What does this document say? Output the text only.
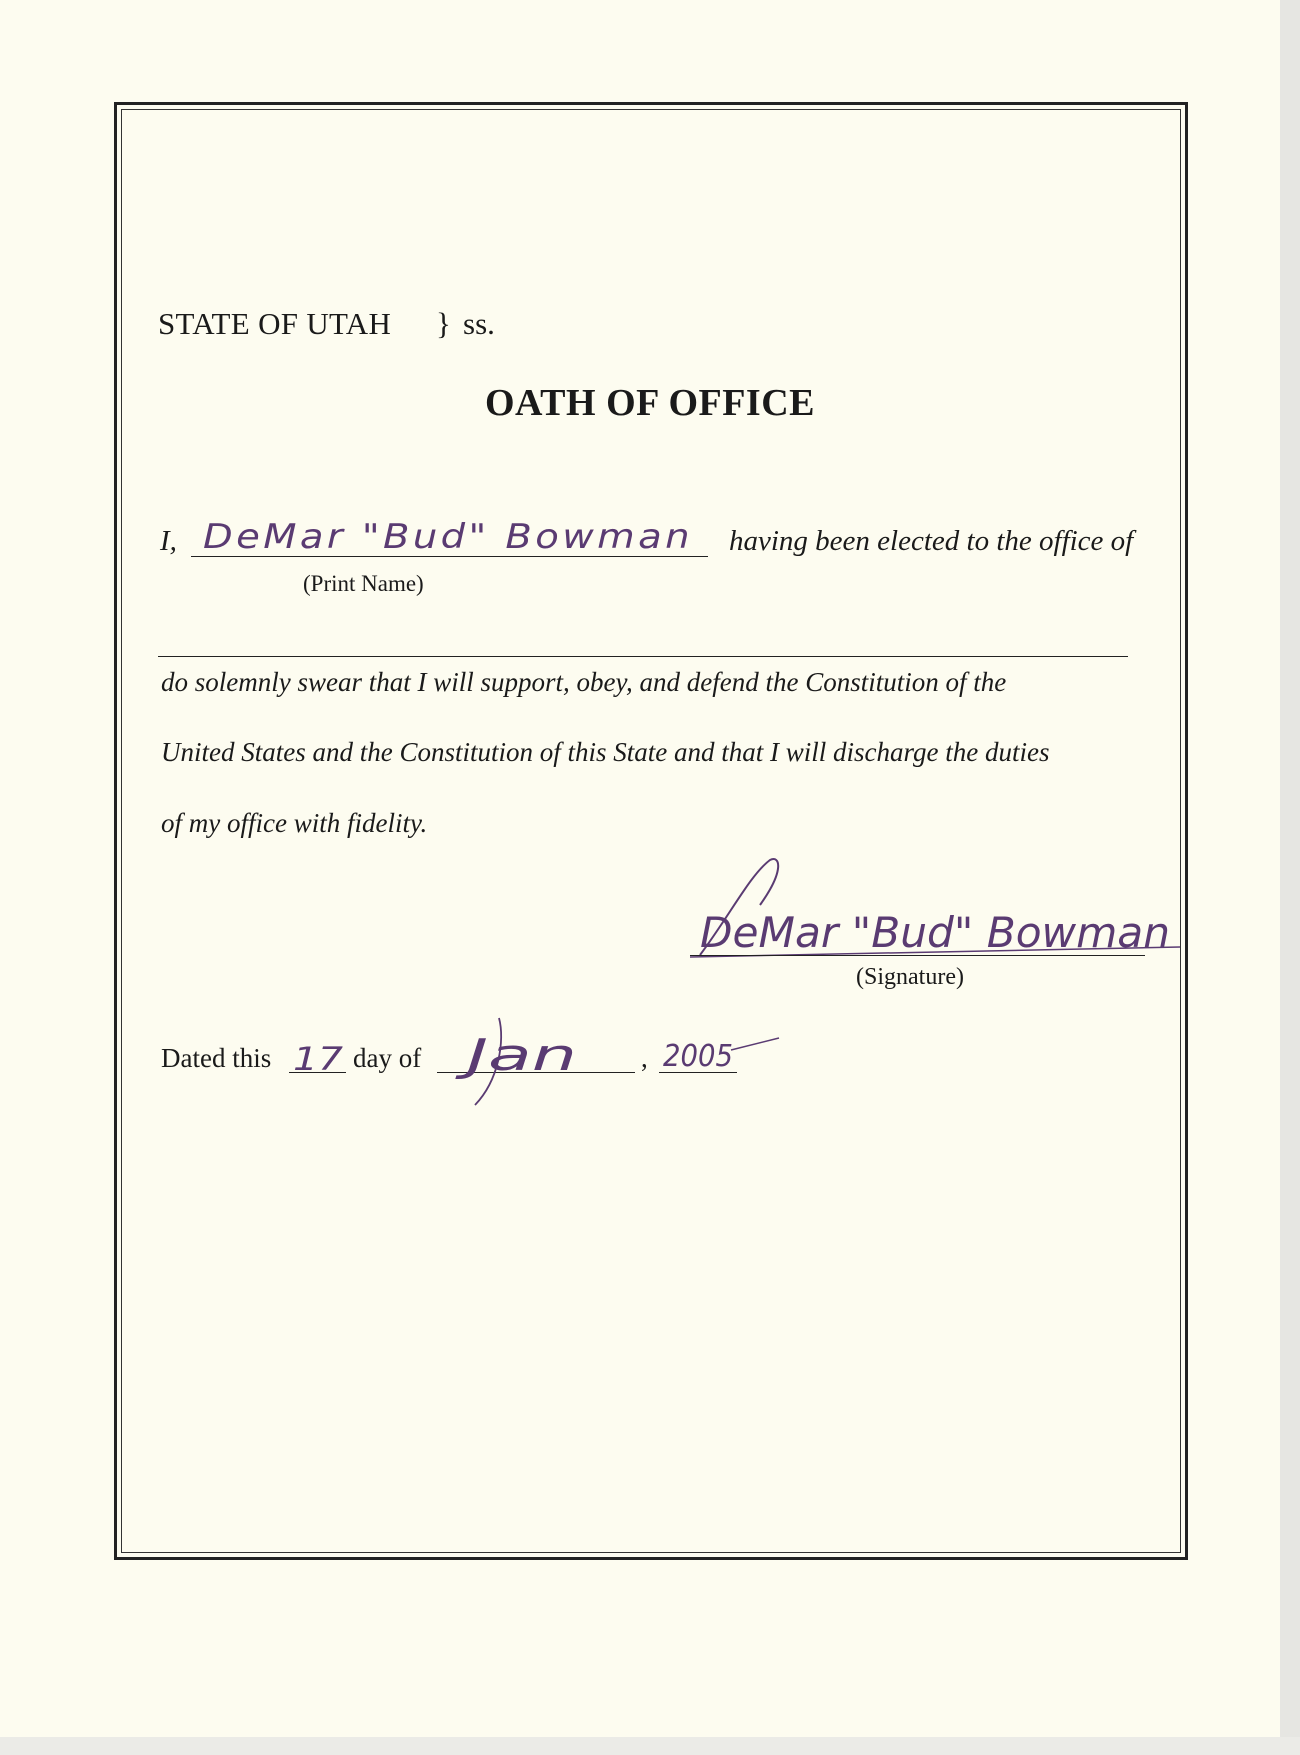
STATE OF UTAH } ss.
OATH OF OFFICE
I, DeMar "Bud" Bowman having been elected to the office of
(Print Name)
do solemnly swear that I will support, obey, and defend the Constitution of the
United States and the Constitution of this State and that I will discharge the duties
of my office with fidelity.
DeMar "Bud" Bowman
(Signature)
Dated this 17 day of Jan , 2005
